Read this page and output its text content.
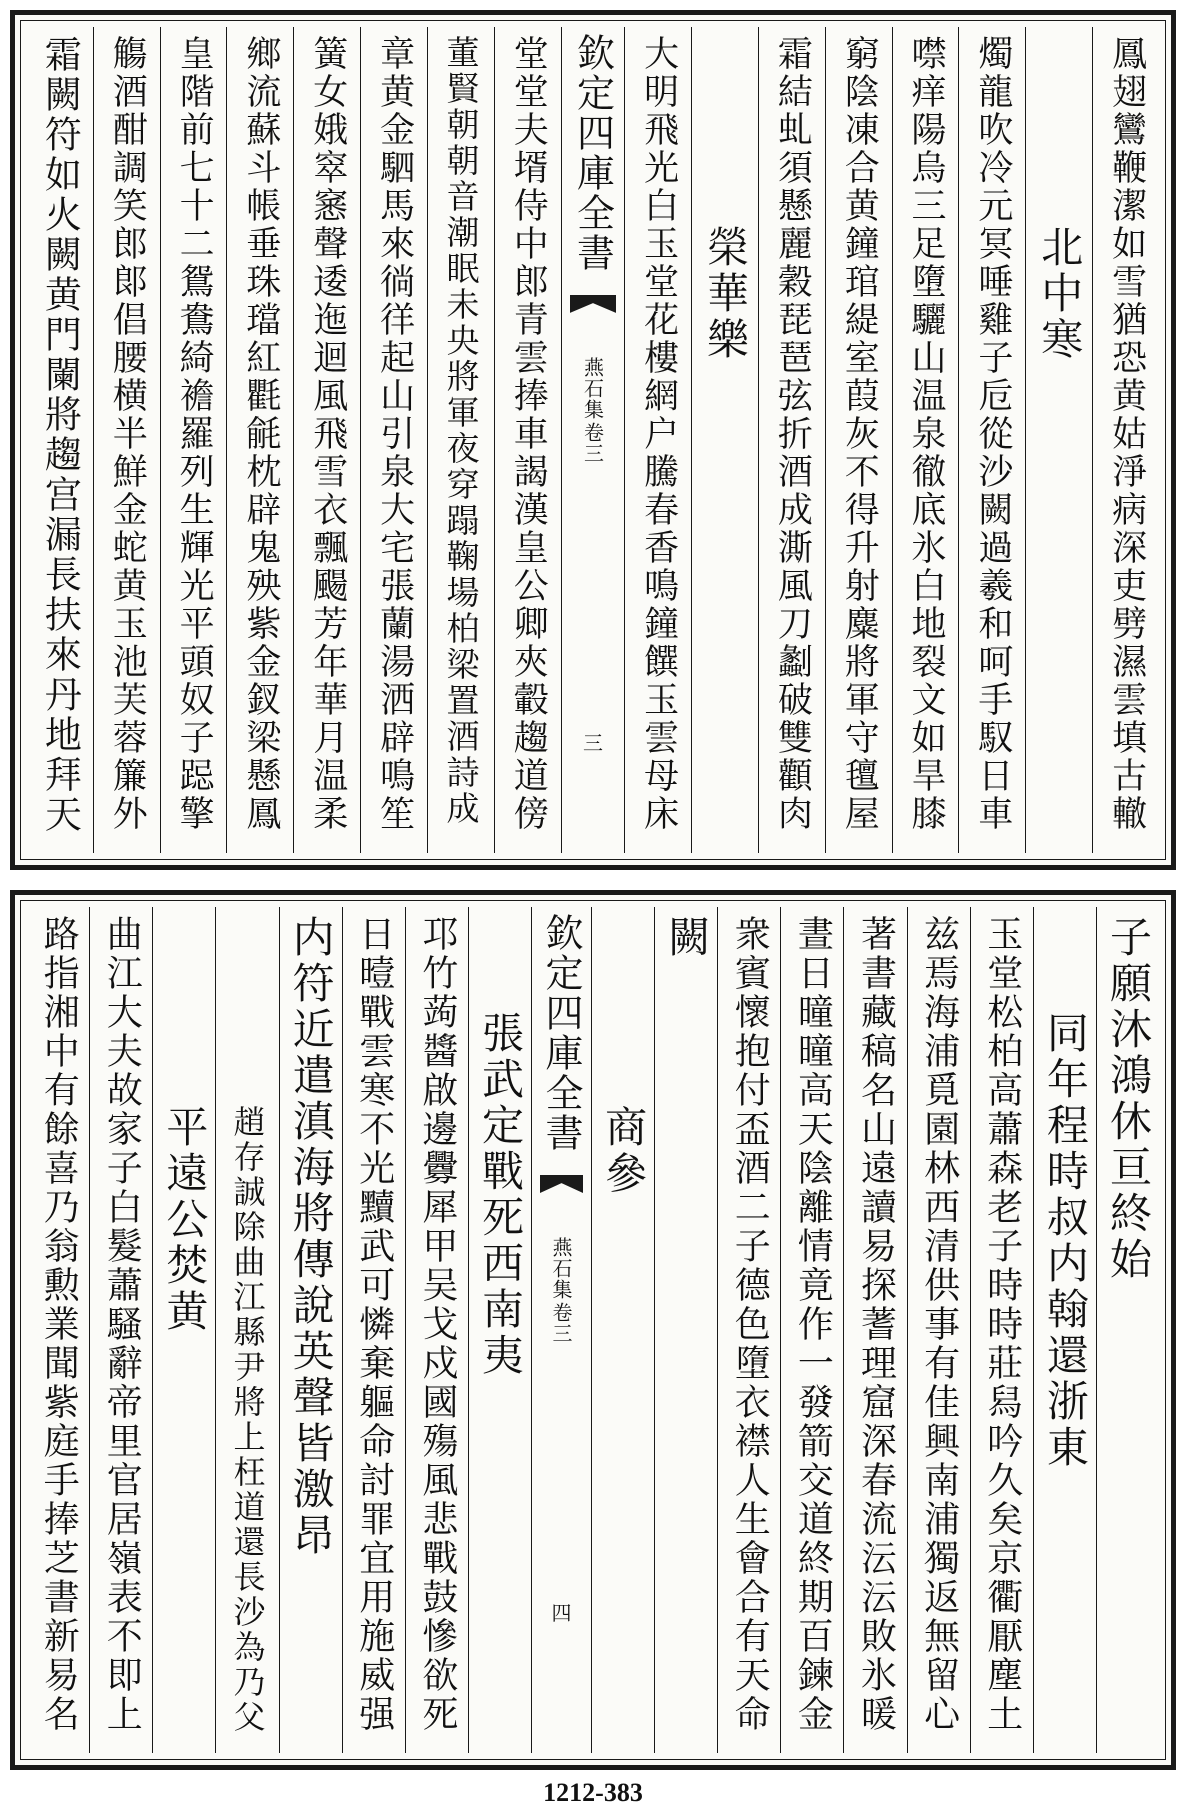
鳳翅鸞鞭潔如雪猶恐黄姑淨病深吏劈濕雲填古轍
北中寒
燭龍吹冷元冥唾雞子卮從沙闕過羲和呵手馭日車
噤痒陽烏三足墮驪山温泉徹底氷白地裂文如旱膝
窮陰凍合黄鐘琯緹室葭灰不得升射麋將軍守氊屋
霜結虬須懸麗穀琵琶弦折酒成澌風刀劙破雙顴肉
榮華樂
大明飛光白玉堂花樓網户騰春香鳴鐘饌玉雲母床
欽定四庫全書
燕石集
卷三
三
堂堂夫壻侍中郎青雲捧車謁漢皇公卿夾轂趨道傍
董賢朝朝音潮眠未央將軍夜穿蹋鞠場柏梁置酒詩成
章黄金駟馬來徜徉起山引泉大宅張蘭湯洒辟鳴笙
簧女娥窣窸聲逶迤迴風飛雪衣飄颺芳年華月温柔
鄉流蘇斗帳垂珠璫紅氍毹枕辟鬼殃紫金釵梁懸鳳
皇階前七十二鴛鴦綺襜羅列生輝光平頭奴子跽擎
觴酒酣調笑郎郞倡腰横半鮮金蛇黄玉池芙蓉簾外
霜闕符如火闕黄門闌將趨宫漏長扶來丹地拜天
子願沐鴻休亘終始
同年程時叔内翰還浙東
玉堂松柏高蕭森老子時時莊舄吟久矣京衢厭塵土
兹焉海浦覓園林西清供事有佳興南浦獨返無留心
著書藏稿名山遠讀易探蓍理窟深春流沄沄敗氷暖
晝日曈曈高天陰離情竟作一發箭交道終期百鍊金
衆賓懷抱付盃酒二子德色墮衣襟人生會合有天命
闕
商參
欽定四庫全書
燕石集
卷三
四
張武定戰死西南夷
邛竹蒟醬啟邊釁犀甲吴戈戍國殤風悲戰鼓慘欲死
日曀戰雲寒不光黷武可憐棄軀命討罪宜用施威强
内符近遣滇海將傳說英聲皆激昂
趙存誠除曲江縣尹將上枉道還長沙為乃父
平遠公焚黄
曲江大夫故家子白髮蕭騷辭帝里官居嶺表不即上
路指湘中有餘喜乃翁勲業聞紫庭手捧芝書新易名
1212-383
